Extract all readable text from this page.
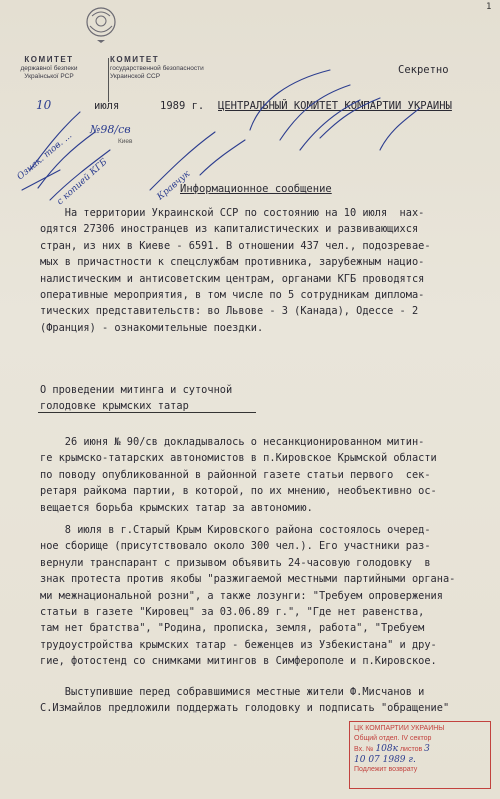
1
КОМИТЕТ
державної безпеки
Української РСР
КОМИТЕТ
государственной безопасности
Украинской ССР
Секретно
10	июля	1989 г. ЦЕНТРАЛЬНЫЙ КОМИТЕТ КОМПАРТИИ УКРАИНЫ
Киев
Информационное сообщение
На территории Украинской ССР по состоянию на 10 июля  нах-
одятся 27306 иностранцев из капиталистических и развивающихся
стран, из них в Киеве - 6591. В отношении 437 чел., подозревае-
мых в причастности к спецслужбам противника, зарубежным нацио-
налистическим и антисоветским центрам, органами КГБ проводятся
оперативные мероприятия, в том числе по 5 сотрудникам диплома-
тических представительств: во Львове - 3 (Канада), Одессе - 2
(Франция) - ознакомительные поездки.
О проведении митинга и суточной
голодовке крымских татар
26 июня № 90/св докладывалось о несанкционированном митин-
ге крымско-татарских автономистов в п.Кировское Крымской области
по поводу опубликованной в районной газете статьи первого  сек-
ретаря райкома партии, в которой, по их мнению, необъективно ос-
вещается борьба крымских татар за автономию.
8 июля в г.Старый Крым Кировского района состоялось очеред-
ное сборище (присутствовало около 300 чел.). Его участники раз-
вернули транспарант с призывом объявить 24-часовую голодовку  в
знак протеста против якобы "разжигаемой местными партийными органа-
ми межнациональной розни", а также лозунги: "Требуем опровержения
статьи в газете "Кировец" за 03.06.89 г.", "Где нет равенства,
там нет братства", "Родина, прописка, земля, работа", "Требуем
трудоустройства крымских татар - беженцев из Узбекистана" и дру-
гие, фотостенд со снимками митингов в Симферополе и п.Кировское.
Выступившие перед собравшимися местные жители Ф.Мисчанов и
С.Измайлов предложили поддержать голодовку и подписать "обращение"
№98/св
Ознак. тов. ...
с копией КГБ	Кравчук
ЦК КОМПАРТИИ УКРАИНЫ
Общий отдел. IV сектор
Вх. № 108к листов 3
10 07 1989 г.
Подлежит возврату
